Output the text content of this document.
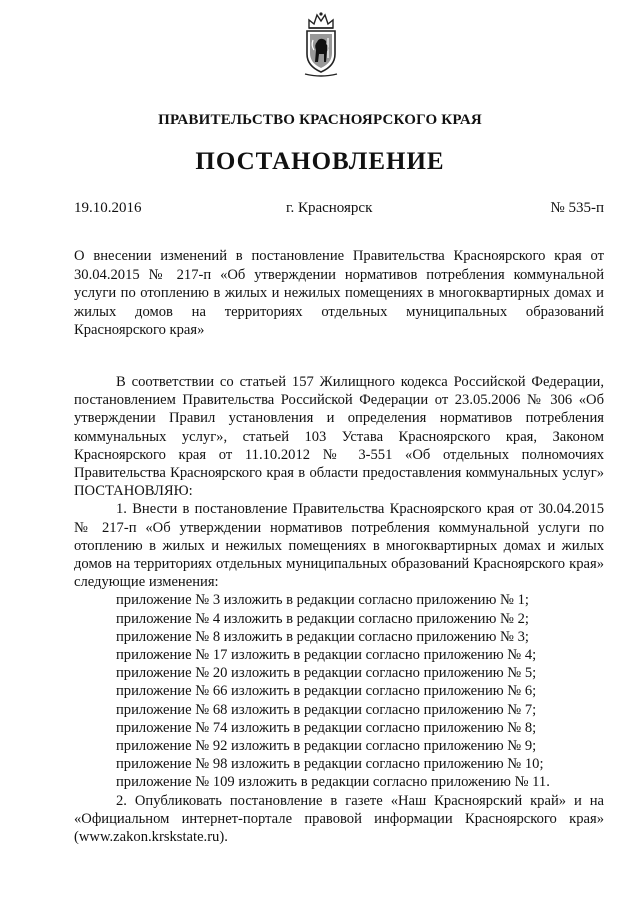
ПРАВИТЕЛЬСТВО КРАСНОЯРСКОГО КРАЯ
ПОСТАНОВЛЕНИЕ
19.10.2016	г. Красноярск	№ 535-п
О внесении изменений в постановление Правительства Красноярского края от 30.04.2015 № 217-п «Об утверждении нормативов потребления коммунальной услуги по отоплению в жилых и нежилых помещениях в многоквартирных домах и жилых домов на территориях отдельных муниципальных образований Красноярского края»

В соответствии со статьей 157 Жилищного кодекса Российской Федерации, постановлением Правительства Российской Федерации от 23.05.2006 № 306 «Об утверждении Правил установления и определения нормативов потребления коммунальных услуг», статьей 103 Устава Красноярского края, Законом Красноярского края от 11.10.2012 № 3-551 «Об отдельных полномочиях Правительства Красноярского края в области предоставления коммунальных услуг» ПОСТАНОВЛЯЮ:

1. Внести в постановление Правительства Красноярского края от 30.04.2015 № 217-п «Об утверждении нормативов потребления коммунальной услуги по отоплению в жилых и нежилых помещениях в многоквартирных домах и жилых домов на территориях отдельных муниципальных образований Красноярского края» следующие изменения:

приложение № 3 изложить в редакции согласно приложению № 1;
приложение № 4 изложить в редакции согласно приложению № 2;
приложение № 8 изложить в редакции согласно приложению № 3;
приложение № 17 изложить в редакции согласно приложению № 4;
приложение № 20 изложить в редакции согласно приложению № 5;
приложение № 66 изложить в редакции согласно приложению № 6;
приложение № 68 изложить в редакции согласно приложению № 7;
приложение № 74 изложить в редакции согласно приложению № 8;
приложение № 92 изложить в редакции согласно приложению № 9;
приложение № 98 изложить в редакции согласно приложению № 10;
приложение № 109 изложить в редакции согласно приложению № 11.

2. Опубликовать постановление в газете «Наш Красноярский край» и на «Официальном интернет-портале правовой информации Красноярского края» (www.zakon.krskstate.ru).
